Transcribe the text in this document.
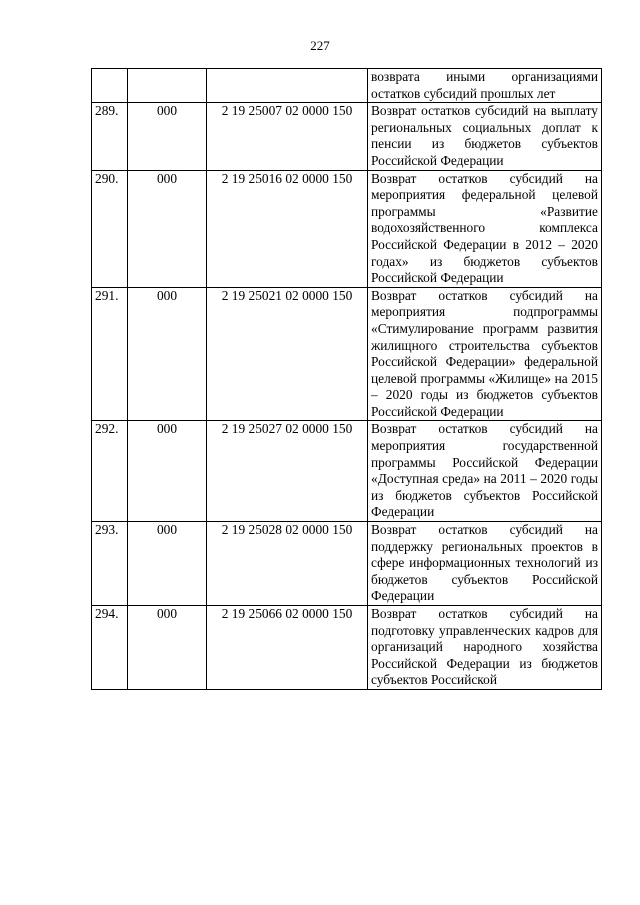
227
			возврата иными организациями остатков субсидий прошлых лет
289.	000	2 19 25007 02 0000 150	Возврат остатков субсидий на выплату региональных социальных доплат к пенсии из бюджетов субъектов Российской Федерации
290.	000	2 19 25016 02 0000 150	Возврат остатков субсидий на мероприятия федеральной целевой программы «Развитие водохозяйственного комплекса Российской Федерации в 2012 – 2020 годах» из бюджетов субъектов Российской Федерации
291.	000	2 19 25021 02 0000 150	Возврат остатков субсидий на мероприятия подпрограммы «Стимулирование программ развития жилищного строительства субъектов Российской Федерации» федеральной целевой программы «Жилище» на 2015 – 2020 годы из бюджетов субъектов Российской Федерации
292.	000	2 19 25027 02 0000 150	Возврат остатков субсидий на мероприятия государственной программы Российской Федерации «Доступная среда» на 2011 – 2020 годы из бюджетов субъектов Российской Федерации
293.	000	2 19 25028 02 0000 150	Возврат остатков субсидий на поддержку региональных проектов в сфере информационных технологий из бюджетов субъектов Российской Федерации
294.	000	2 19 25066 02 0000 150	Возврат остатков субсидий на подготовку управленческих кадров для организаций народного хозяйства Российской Федерации из бюджетов субъектов Российской
